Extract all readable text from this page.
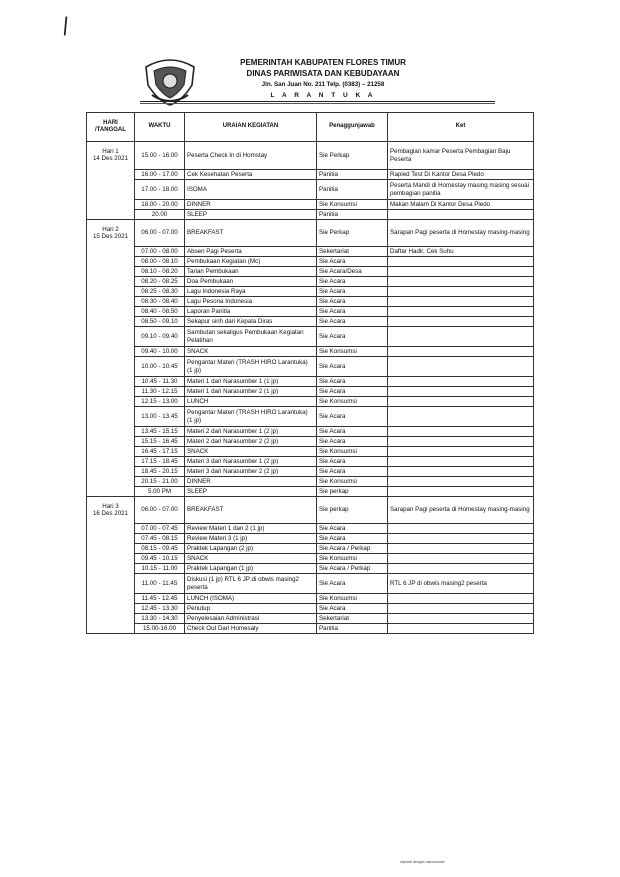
/
PEMERINTAH KABUPATEN FLORES TIMUR
DINAS PARIWISATA DAN KEBUDAYAAN
Jln. San Juan No. 211 Telp. (0383) – 21258
L A R A N T U K A
HARI /TANGGAL	WAKTU	URAIAN KEGIATAN	Penaggunjawab	Ket
Hari 1
14 Des 2021	15.00 - 16.00	Peserta Check In di Homstay	Sie Perkap	Pembagian kamar Peserta Pembagian Baju Peserta
	16.00 - 17.00	Cek Kesehatan Peserta	Panitia	Rapied Test Di Kantor Desa Pledo
	17.00 - 18.00	ISOMA	Panitia	Peserta Mandi di Homestay masing masing sesuai pembagian panitia
	18.00 - 20.00	DINNER	Sie Konsumsi	Makan Malam Di Kantor Desa Pledo
	20.00	SLEEP	Panitia	
Hari 2
15 Des 2021	06.00 - 07.00	BREAKFAST	Sie Perkap	Sarapan Pagi peserta di Homestay masing-masing
	07.00 - 08.00	Absen Pagi Peserta	Sekertariat	Daftar Hadir, Cek Suhu
	08.00 - 08.10	Pembukaan Kegiatan (Mc)	Sie Acara	
	08.10 - 08.20	Tarian Pembukaan	Sie Acara/Desa	
	08.20 - 08.25	Doa Pembukaan	Sie Acara	
	08.25 - 08.30	Lagu Indonesia Raya	Sie Acara	
	08.30 - 08.40	Lagu Pesona Indonesia	Sie Acara	
	08.40 - 08.50	Laporan Panitia	Sie Acara	
	08.50 - 09.10	Sekapur sirih dari Kepala Diras	Sie Acara	
	09.10 - 09.40	Sambutan sekaligus Pembukaan Kegiatan Pelatihan	Sie Acara	
	09.40 - 10.00	SNACK	Sie Konsumsi	
	10.00 - 10.45	Pengantar Materi (TRASH HIRO Larantuka) (1 jp)	Sie Acara	
	10.45 - 11.30	Materi 1 dari Narasumber 1 (1 jp)	Sie Acara	
	11.30 - 12.15	Materi 1 dari Narasumber 2 (1 jp)	Sie Acara	
	12.15 - 13.00	LUNCH	Sie Konsumsi	
	13.00 - 13.45	Pengantar Materi (TRASH HIRO Larantuka) (1 jp)	Sie Acara	
	13.45 - 15.15	Materi 2 dari Narasumber 1 (2 jp)	Sie Acara	
	15.15 - 16.45	Materi 2 dari Narasumber 2 (2 jp)	Sie Acara	
	16.45 - 17.15	SNACK	Sie Konsumsi	
	17.15 - 18.45	Materi 3 dari Narasumber 1 (2 jp)	Sie Acara	
	18.45 - 20.15	Materi 3 dari Narasumber 2 (2 jp)	Sie Acara	
	20.15 - 21.00	DINNER	Sie Konsumsi	
	5.00 PM	SLEEP	Sie perkap	
Hari 3
16 Des 2021	06.00 - 07.00	BREAKFAST	Sie perkap	Sarapan Pagi peserta di Homestay masing-masing
	07.00 - 07.45	Review Materi 1 dan 2 (1 jp)	Sie Acara	
	07.45 - 08.15	Review Materi 3 (1 jp)	Sie Acara	
	08.15 - 09.45	Praktek Lapangan (2 jp)	Sie Acara / Perkap	
	09.45 - 10.15	SNACK	Sie Konsumsi	
	10.15 - 11.00	Praktek Lapangan (1 jp)	Sie Acara / Perkap	
	11.00 - 11.45	Diskusi (1 jp) RTL 6 JP di obwis masing2 peserta	Sie Acara	RTL 6 JP di obwis masing2 peserta
	11.45 - 12.45	LUNCH (ISOMA)	Sie Konsumsi	
	12.45 - 13.30	Penutup	Sie Acara	
	13.30 - 14.30	Penyelesaian Administrasi	Sekertariat	
	15.00-16.00	Check Out Dari Homesaly	Panitia	
dipindai dengan camscanner
